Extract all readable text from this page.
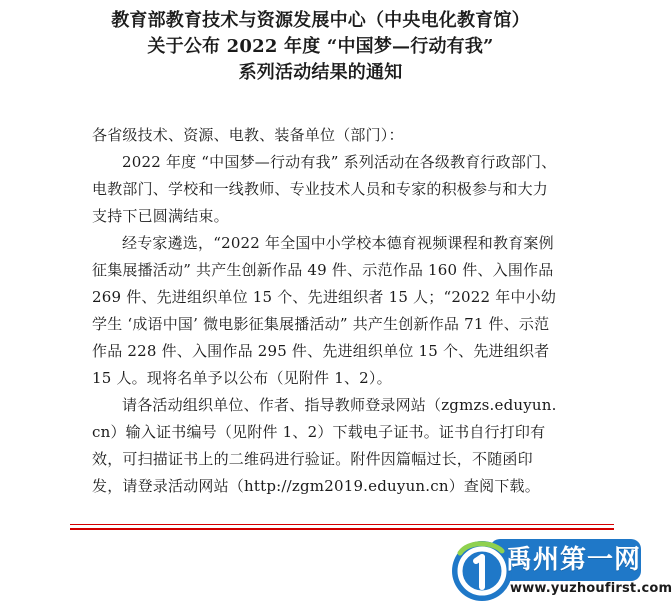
教育部教育技术与资源发展中心（中央电化教育馆）
关于公布 2022 年度 “中国梦—行动有我”
系列活动结果的通知

各省级技术、资源、电教、装备单位（部门）：

2022 年度 “中国梦—行动有我” 系列活动在各级教育行政部门、电教部门、学校和一线教师、专业技术人员和专家的积极参与和大力支持下已圆满结束。

经专家遴选，“2022 年全国中小学校本德育视频课程和教育案例征集展播活动” 共产生创新作品 49 件、示范作品 160 件、入围作品 269 件、先进组织单位 15 个、先进组织者 15 人；“2022 年中小幼学生 ‘成语中国’ 微电影征集展播活动” 共产生创新作品 71 件、示范作品 228 件、入围作品 295 件、先进组织单位 15 个、先进组织者 15 人。现将名单予以公布（见附件 1、2）。

请各活动组织单位、作者、指导教师登录网站（zgmzs.eduyun.cn）输入证书编号（见附件 1、2）下载电子证书。证书自行打印有效，可扫描证书上的二维码进行验证。附件因篇幅过长，不随函印发，请登录活动网站（http://zgm2019.eduyun.cn）查阅下载。

禹州第一网
www.yuzhoufirst.com
